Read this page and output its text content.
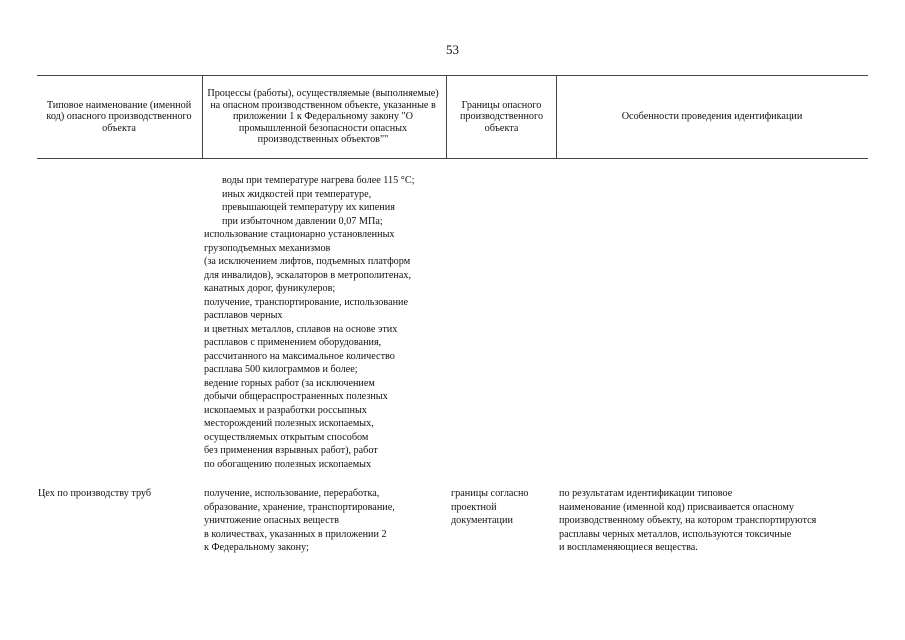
53
Типовое наименование (именной код) опасного производственного объекта
Процессы (работы), осуществляемые (выполняемые) на опасном производственном объекте, указанные в приложении 1 к Федеральному закону "О промышленной безопасности опасных производственных объектов""
Границы опасного производственного объекта
Особенности проведения идентификации
воды при температуре нагрева более 115 °С;
иных жидкостей при температуре,
превышающей температуру их кипения
при избыточном давлении 0,07 МПа;
использование стационарно установленных
грузоподъемных механизмов
(за исключением лифтов, подъемных платформ
для инвалидов), эскалаторов в метрополитенах,
канатных дорог, фуникулеров;
получение, транспортирование, использование
расплавов черных
и цветных металлов, сплавов на основе этих
расплавов с применением оборудования,
рассчитанного на максимальное количество
расплава 500 килограммов и более;
ведение горных работ (за исключением
добычи общераспространенных полезных
ископаемых и разработки россыпных
месторождений полезных ископаемых,
осуществляемых открытым способом
без применения взрывных работ), работ
по обогащению полезных ископаемых
Цех по производству труб	получение, использование, переработка,
образование, хранение, транспортирование,
уничтожение опасных веществ
в количествах, указанных в приложении 2
к Федеральному закону;
границы согласно
проектной
документации
по результатам идентификации типовое
наименование (именной код) присваивается опасному
производственному объекту, на котором транспортируются
расплавы черных металлов, используются токсичные
и воспламеняющиеся вещества.
